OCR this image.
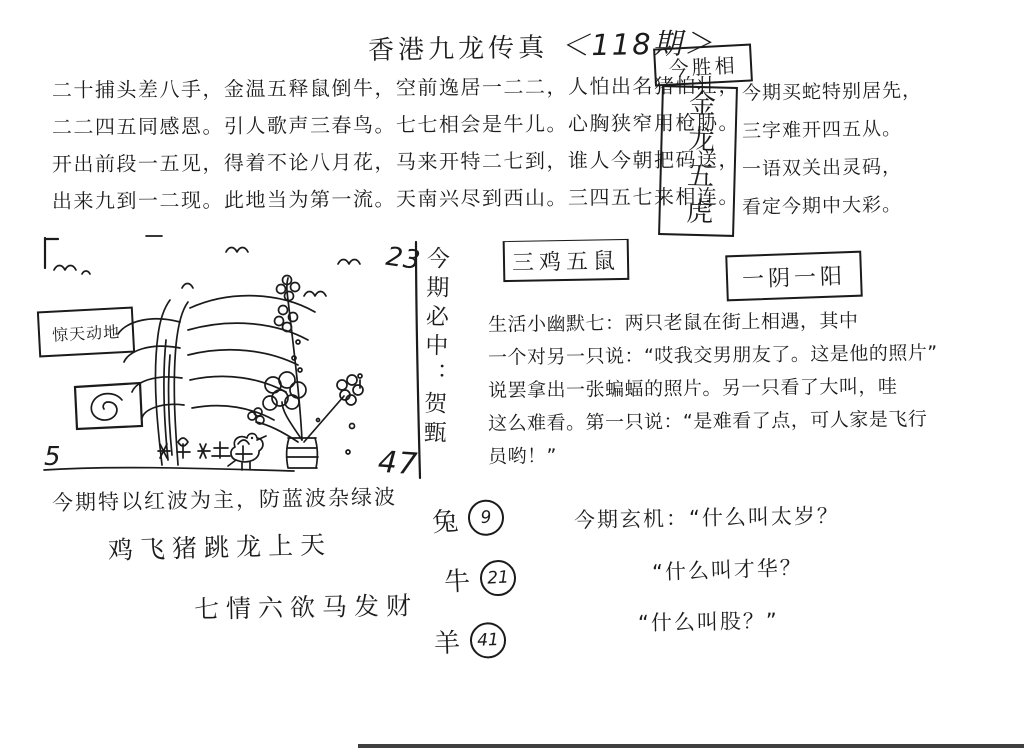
香港九龙传真 ＜118期＞
今胜相
金龙五虎
二十捕头差八手，金温五释鼠倒牛，空前逸居一二二，人怕出名猪怕壮，
二二四五同感恩。引人歌声三春鸟。七七相会是牛儿。心胸狭窄用枪胁。
开出前段一五见，得着不论八月花，马来开特二七到，谁人今朝把码送，
出来九到一二现。此地当为第一流。天南兴尽到西山。三四五七来相连。
今期买蛇特别居先，
三字难开四五从。
一语双关出灵码，
看定今期中大彩。
惊天动地
23
47
5
今期必中：贺甄	三鸡五鼠
一阴一阳
生活小幽默七：两只老鼠在街上相遇，其中
一个对另一只说：“哎我交男朋友了。这是他的照片”
说罢拿出一张蝙蝠的照片。另一只看了大叫，哇
这么难看。第一只说：“是难看了点，可人家是飞行
员哟！”
今期特以红波为主，防蓝波杂绿波
鸡飞猪跳龙上天
七情六欲马发财
兔	9
牛 21
羊 41
今期玄机：“什么叫太岁？
“什么叫才华？
“什么叫股？”
